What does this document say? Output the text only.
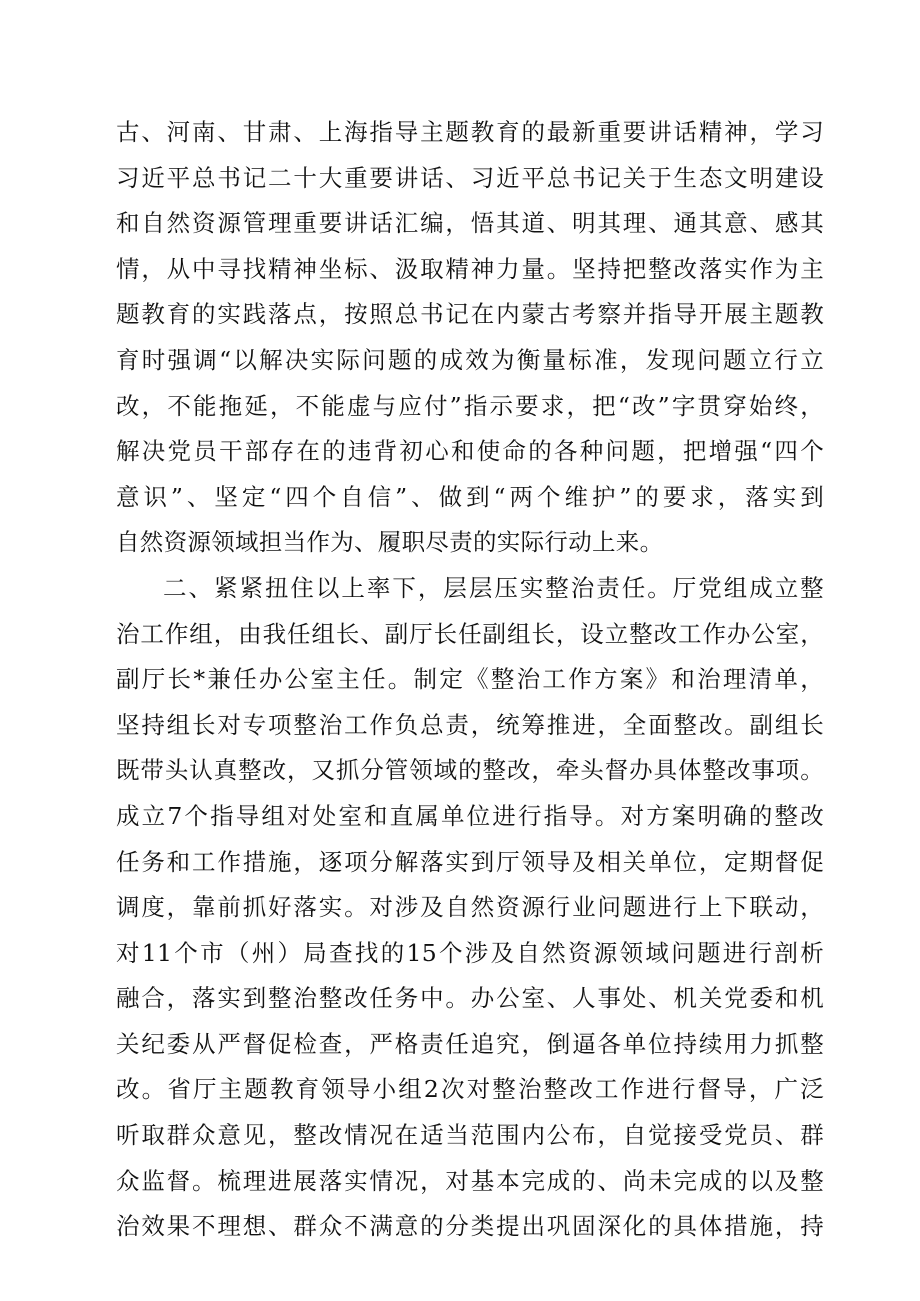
古、河南、甘肃、上海指导主题教育的最新重要讲话精神，学习
习近平总书记二十大重要讲话、习近平总书记关于生态文明建设
和自然资源管理重要讲话汇编，悟其道、明其理、通其意、感其
情，从中寻找精神坐标、汲取精神力量。坚持把整改落实作为主
题教育的实践落点，按照总书记在内蒙古考察并指导开展主题教
育时强调“以解决实际问题的成效为衡量标准，发现问题立行立
改，不能拖延，不能虚与应付”指示要求，把“改”字贯穿始终，
解决党员干部存在的违背初心和使命的各种问题，把增强“四个
意识”、坚定“四个自信”、做到“两个维护”的要求，落实到
自然资源领域担当作为、履职尽责的实际行动上来。
二、紧紧扭住以上率下，层层压实整治责任。厅党组成立整
治工作组，由我任组长、副厅长任副组长，设立整改工作办公室，
副厅长*兼任办公室主任。制定《整治工作方案》和治理清单，
坚持组长对专项整治工作负总责，统筹推进，全面整改。副组长
既带头认真整改，又抓分管领域的整改，牵头督办具体整改事项。
成立7个指导组对处室和直属单位进行指导。对方案明确的整改
任务和工作措施，逐项分解落实到厅领导及相关单位，定期督促
调度，靠前抓好落实。对涉及自然资源行业问题进行上下联动，
对11个市（州）局查找的15个涉及自然资源领域问题进行剖析
融合，落实到整治整改任务中。办公室、人事处、机关党委和机
关纪委从严督促检查，严格责任追究，倒逼各单位持续用力抓整
改。省厅主题教育领导小组2次对整治整改工作进行督导，广泛
听取群众意见，整改情况在适当范围内公布，自觉接受党员、群
众监督。梳理进展落实情况，对基本完成的、尚未完成的以及整
治效果不理想、群众不满意的分类提出巩固深化的具体措施，持
